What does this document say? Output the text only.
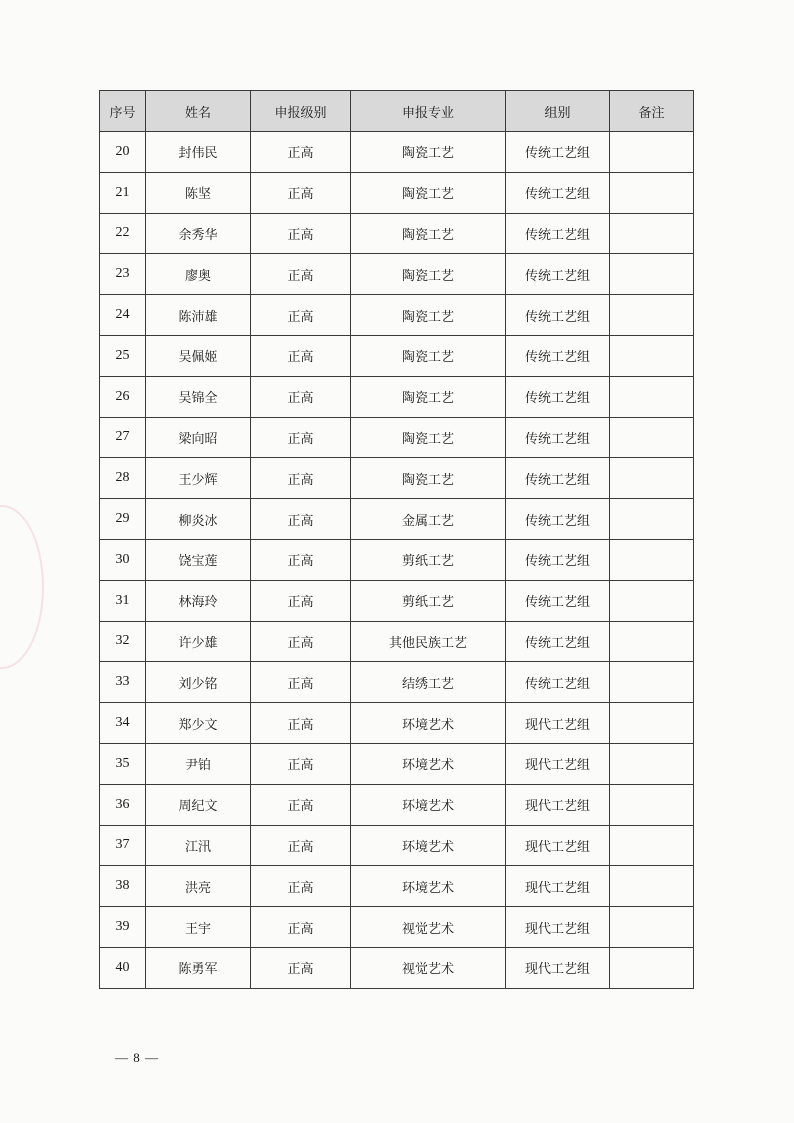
序号	姓名	申报级别	申报专业	组别	备注
20	封伟民	正高	陶瓷工艺	传统工艺组	
21	陈坚	正高	陶瓷工艺	传统工艺组	
22	余秀华	正高	陶瓷工艺	传统工艺组	
23	廖奥	正高	陶瓷工艺	传统工艺组	
24	陈沛雄	正高	陶瓷工艺	传统工艺组	
25	吴佩姬	正高	陶瓷工艺	传统工艺组	
26	吴锦全	正高	陶瓷工艺	传统工艺组	
27	梁向昭	正高	陶瓷工艺	传统工艺组	
28	王少辉	正高	陶瓷工艺	传统工艺组	
29	柳炎冰	正高	金属工艺	传统工艺组	
30	饶宝莲	正高	剪纸工艺	传统工艺组	
31	林海玲	正高	剪纸工艺	传统工艺组	
32	许少雄	正高	其他民族工艺	传统工艺组	
33	刘少铭	正高	结绣工艺	传统工艺组	
34	郑少文	正高	环境艺术	现代工艺组	
35	尹铂	正高	环境艺术	现代工艺组	
36	周纪文	正高	环境艺术	现代工艺组	
37	江汛	正高	环境艺术	现代工艺组	
38	洪亮	正高	环境艺术	现代工艺组	
39	王宇	正高	视觉艺术	现代工艺组	
40	陈勇军	正高	视觉艺术	现代工艺组	
— 8 —
